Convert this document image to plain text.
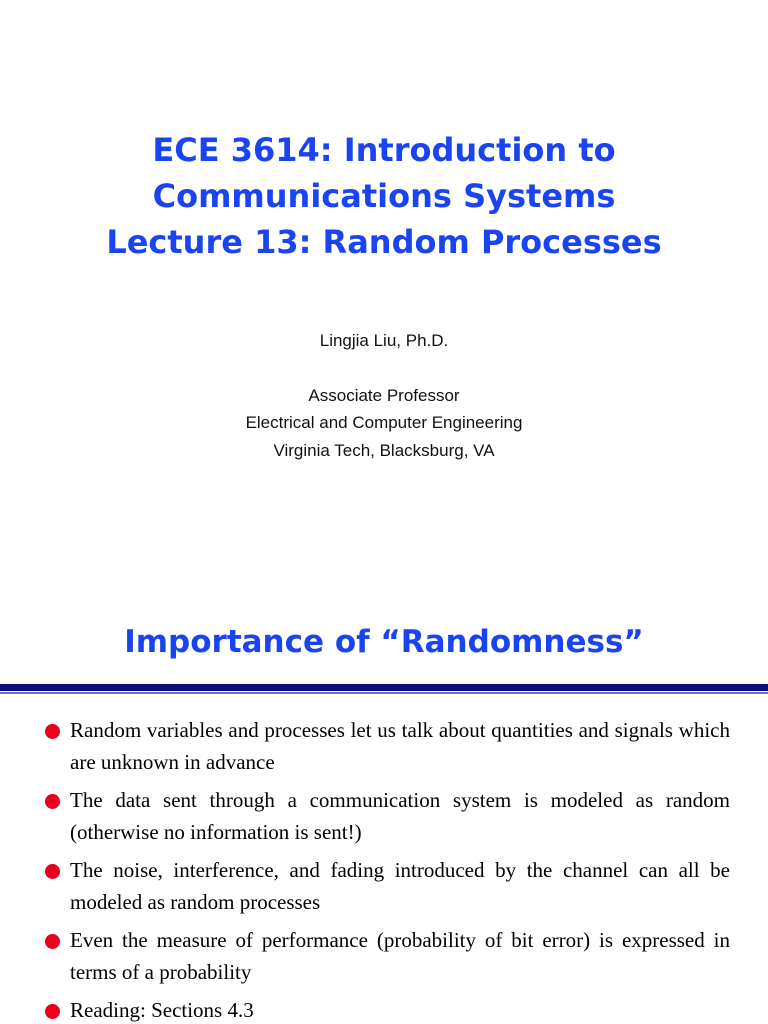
ECE 3614: Introduction to
Communications Systems
Lecture 13: Random Processes
Lingjia Liu, Ph.D.
Associate Professor
Electrical and Computer Engineering
Virginia Tech, Blacksburg, VA
Importance of “Randomness”
Random variables and processes let us talk about quantities and signals which are unknown in advance
The data sent through a communication system is modeled as random (otherwise no information is sent!)
The noise, interference, and fading introduced by the channel can all be modeled as random processes
Even the measure of performance (probability of bit error) is expressed in terms of a probability
Reading: Sections 4.3
